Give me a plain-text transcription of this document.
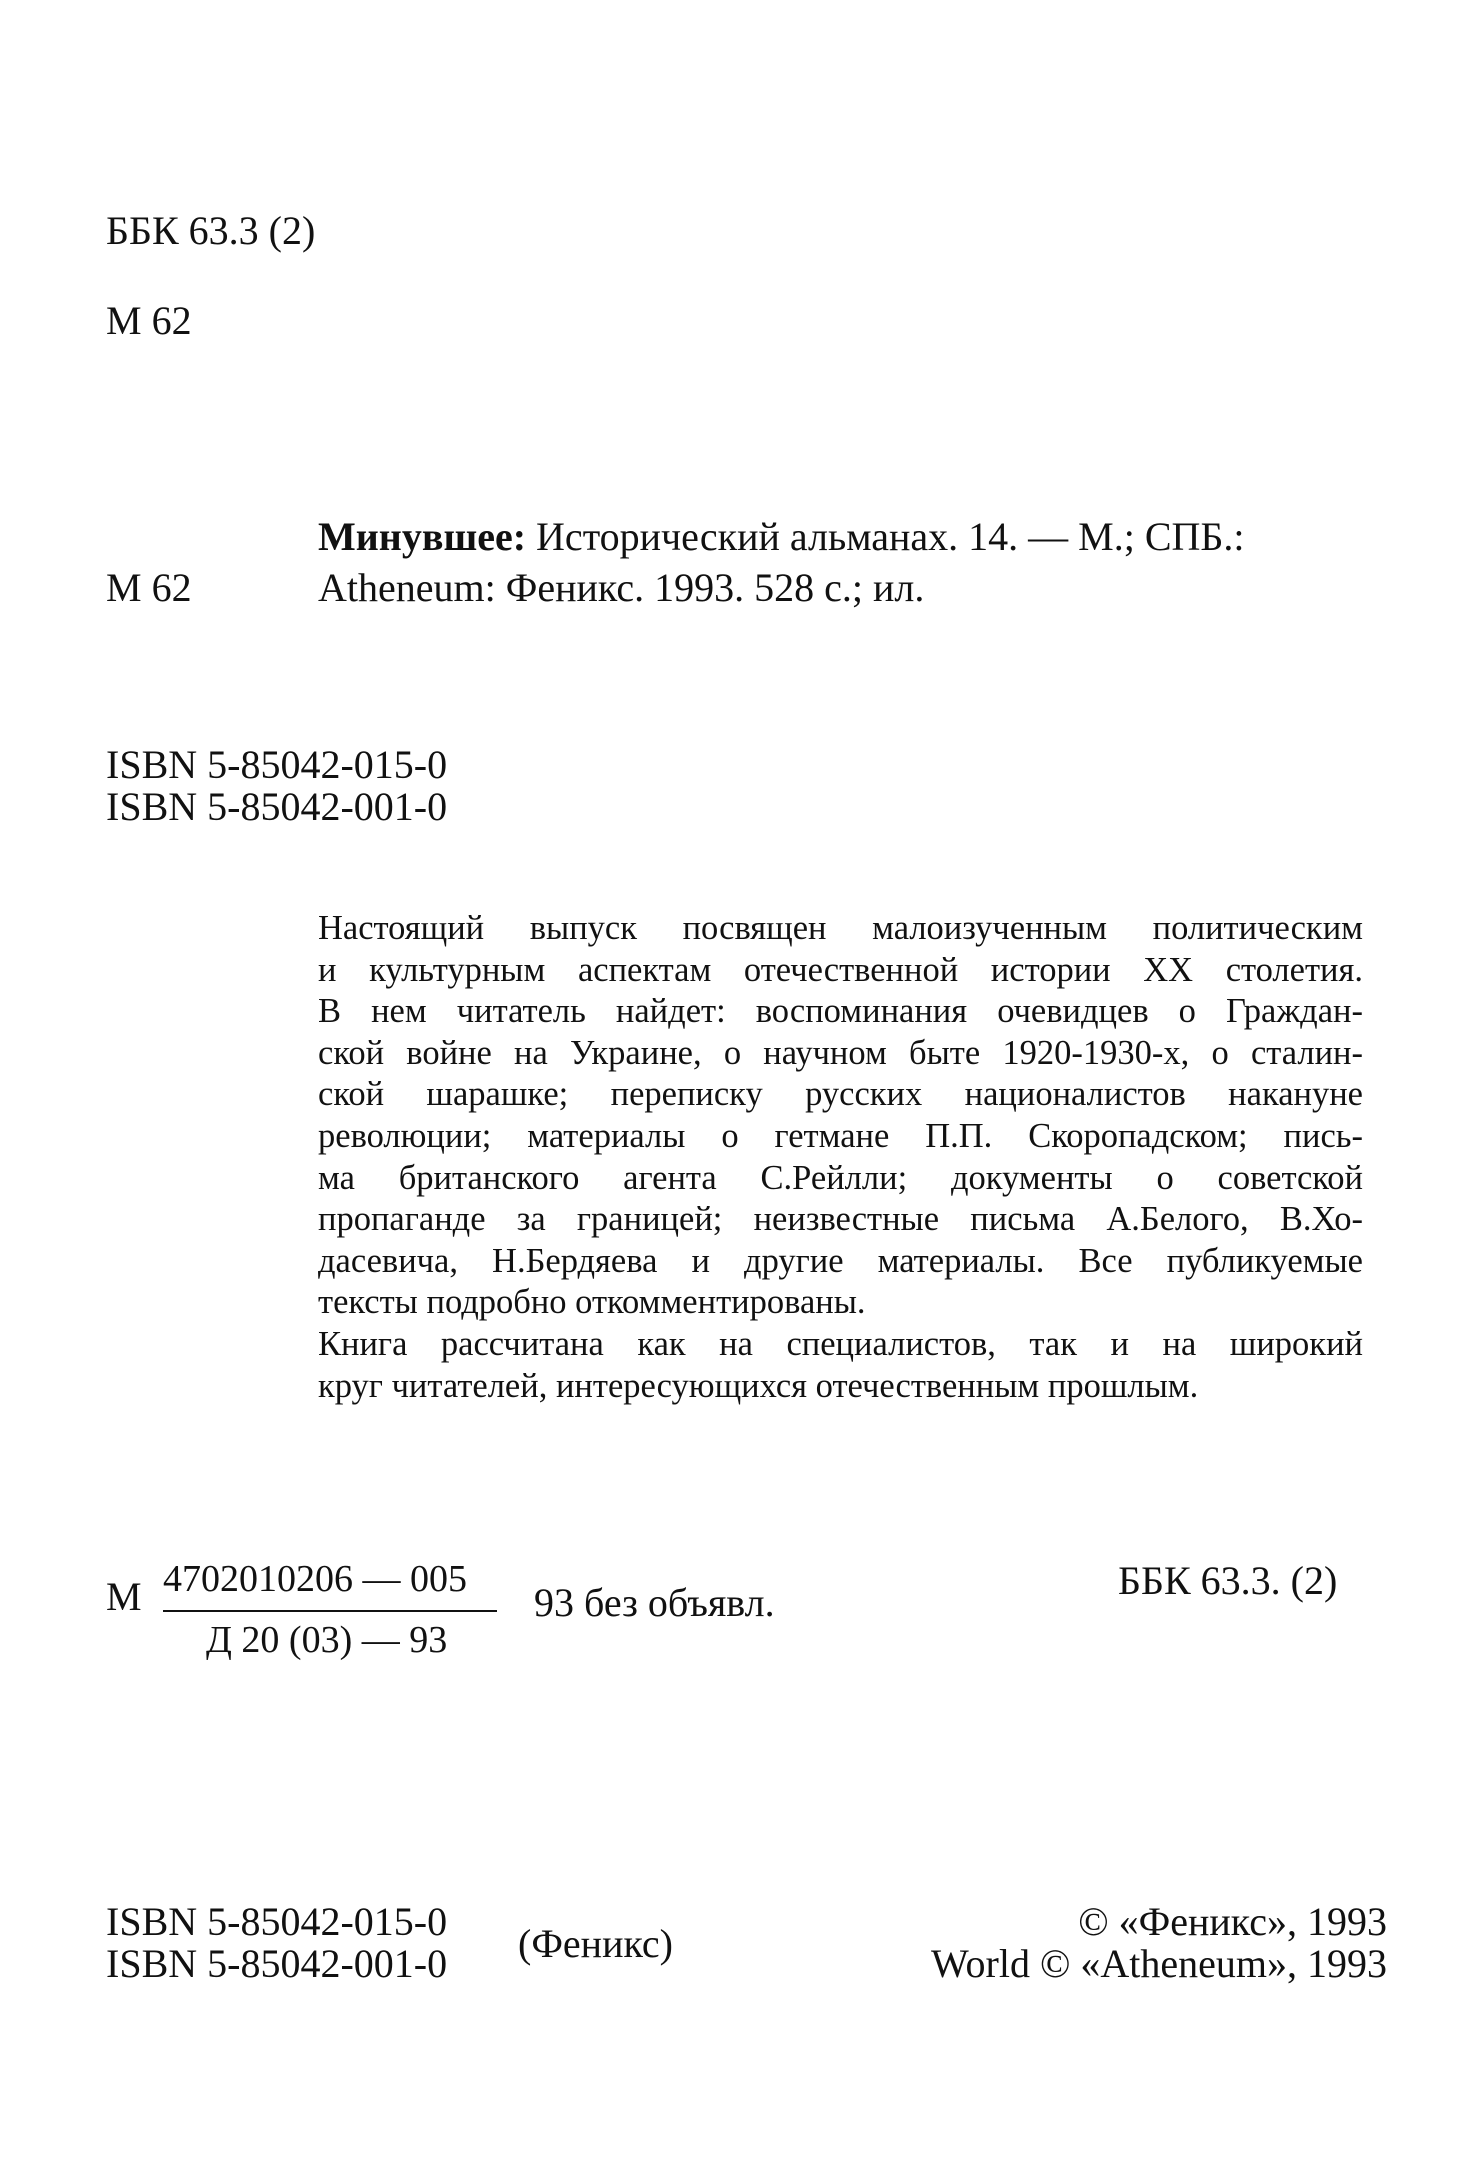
ББК 63.3 (2)
М 62
Минувшее: Исторический альманах. 14. — М.; СПБ.:
М 62	Atheneum: Феникс. 1993. 528 с.; ил.
ISBN 5-85042-015-0
ISBN 5-85042-001-0
Настоящий выпуск посвящен малоизученным политическим
и культурным аспектам отечественной истории XX столетия.
В нем читатель найдет: воспоминания очевидцев о Граждан-
ской войне на Украине, о научном быте 1920-1930-х, о сталин-
ской шарашке; переписку русских националистов накануне
революции; материалы о гетмане П.П. Скоропадском; пись-
ма британского агента С.Рейлли; документы о советской
пропаганде за границей; неизвестные письма А.Белого, В.Хо-
дасевича, Н.Бердяева и другие материалы. Все публикуемые
тексты подробно откомментированы.
Книга рассчитана как на специалистов, так и на широкий
круг читателей, интересующихся отечественным прошлым.
М 4702010206 — 005
Д 20 (03) — 93
93 без объявл.	ББК 63.3. (2)
ISBN 5-85042-015-0
ISBN 5-85042-001-0 (Феникс)	© «Феникс», 1993
World © «Atheneum», 1993
